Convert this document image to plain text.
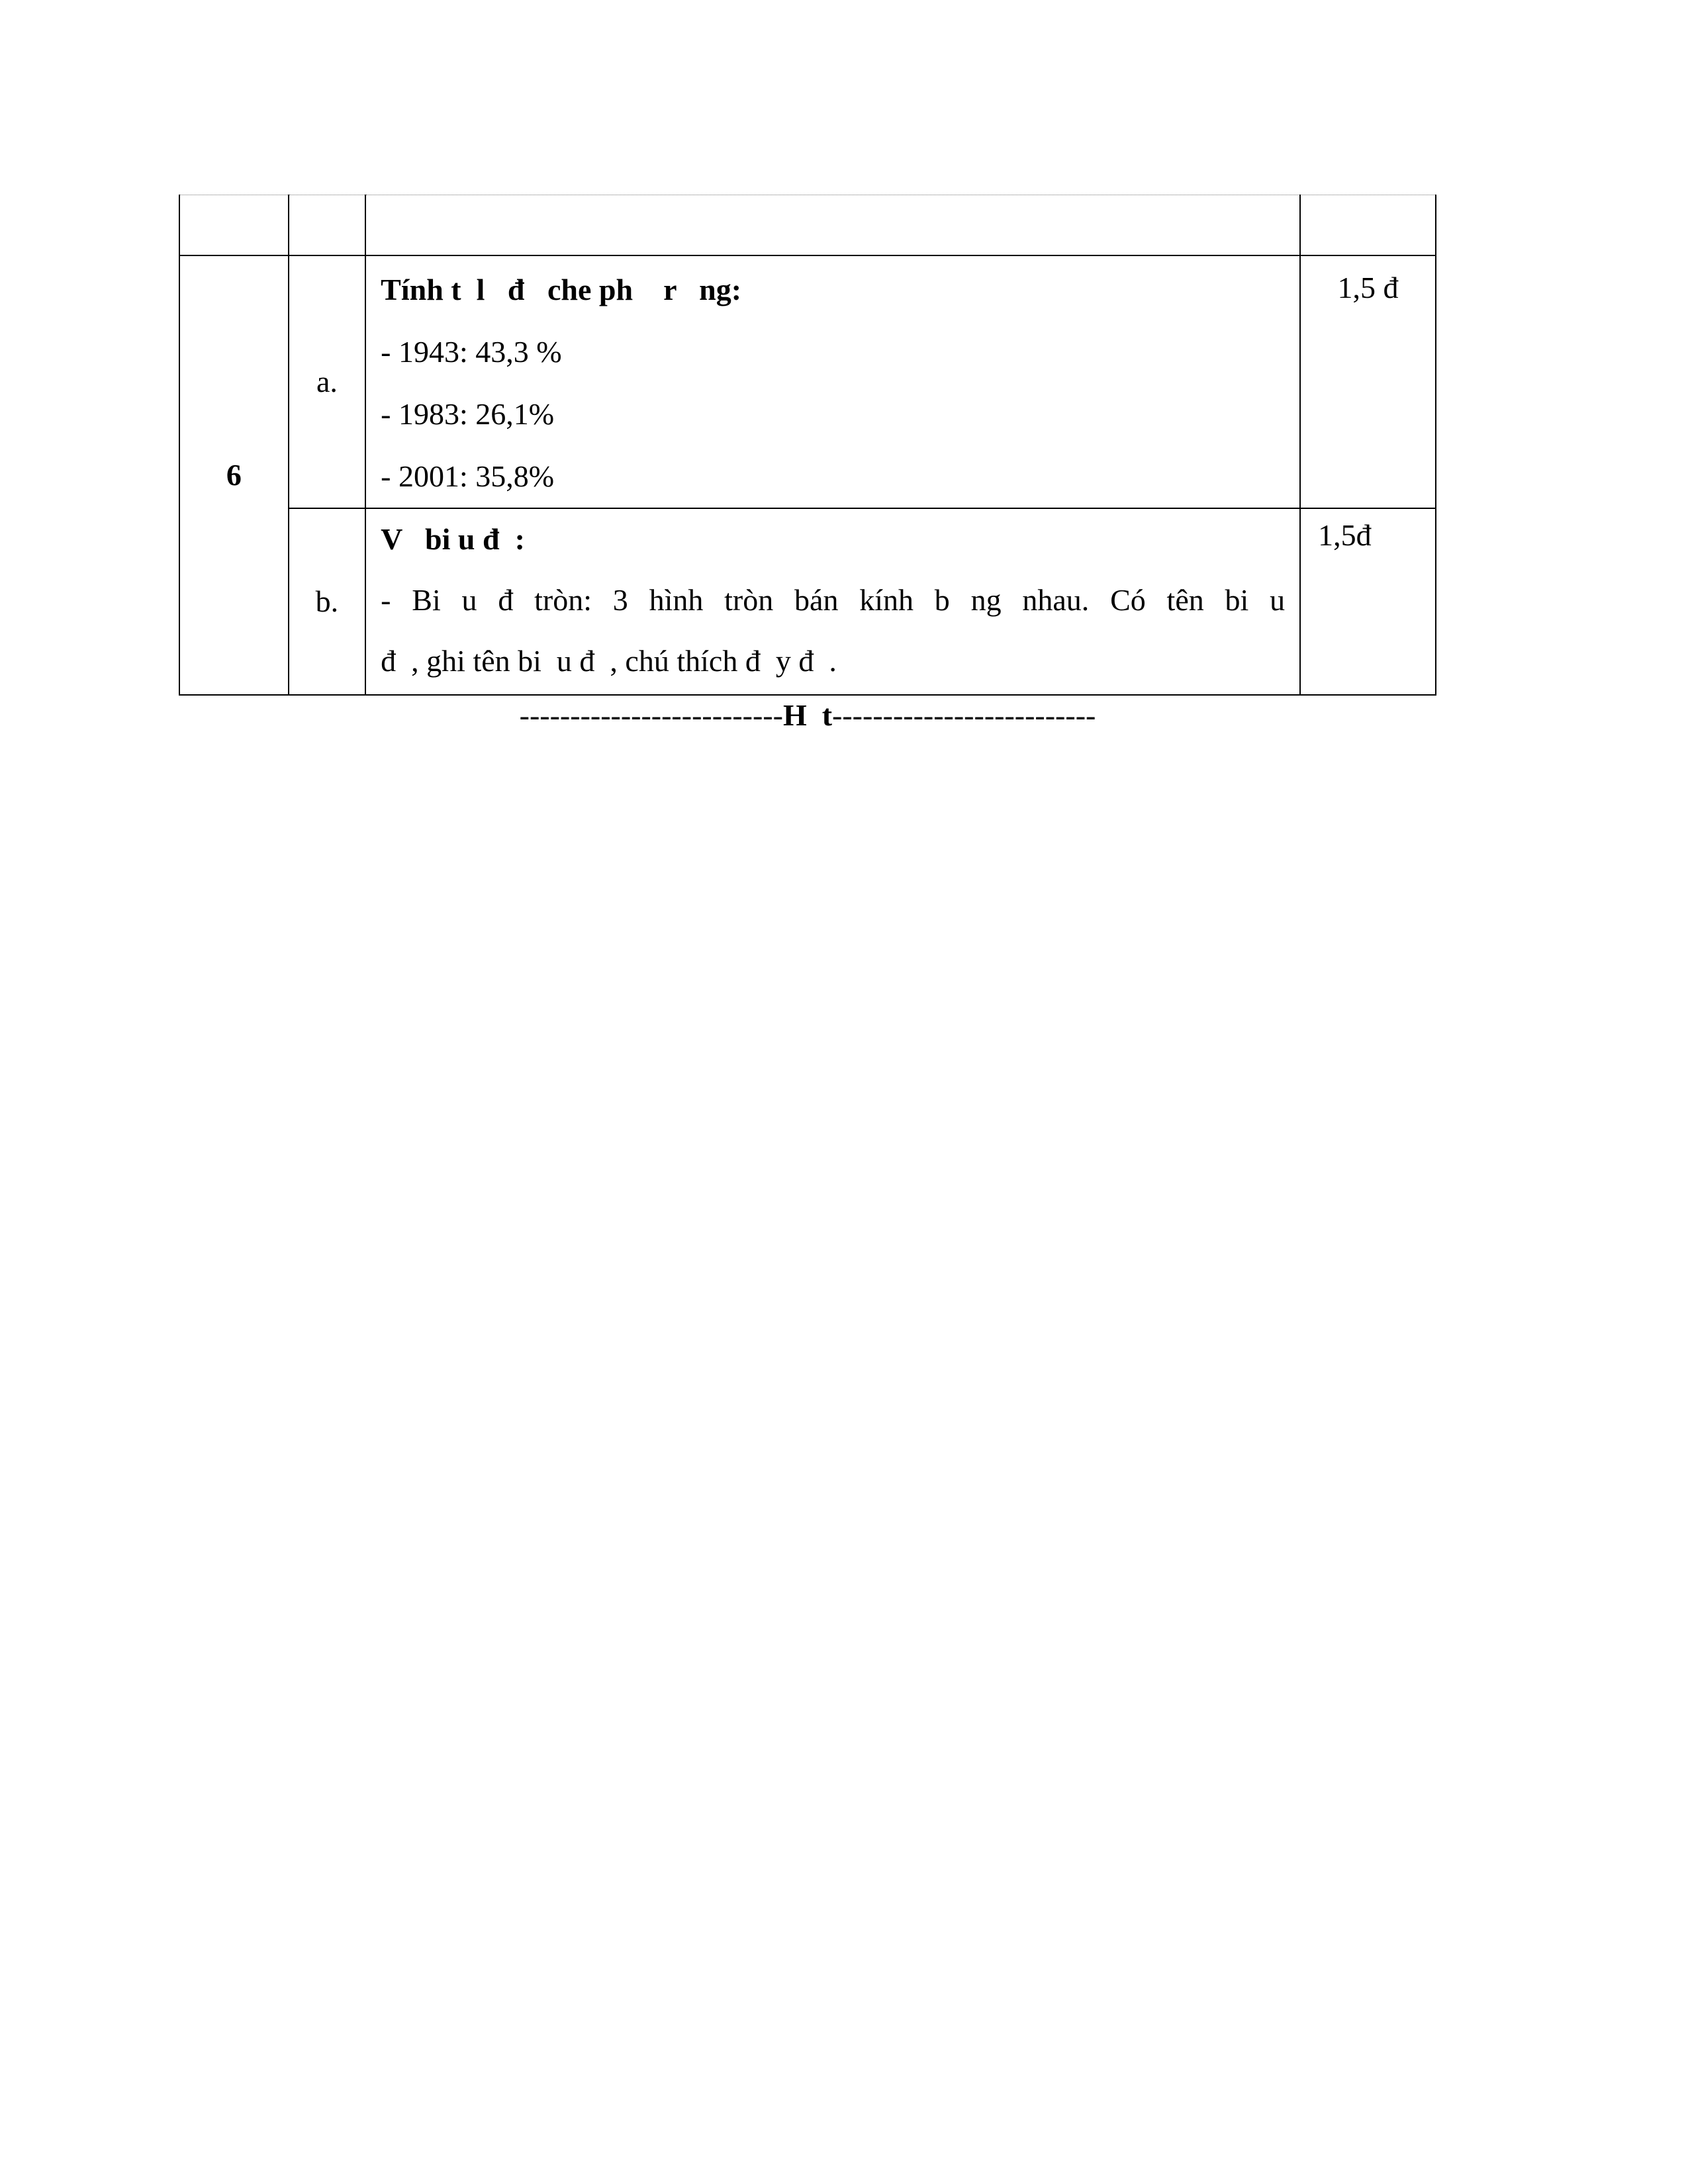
6	a.	Tính t  l   đ   che ph    r   ng:
- 1943: 43,3 %
- 1983: 26,1%
- 2001: 35,8%	1,5 đ

	b.	V   bi u đ  :
- Bi u đ tròn: 3 hình tròn bán kính b ng nhau. Có tên bi u
đ  , ghi tên bi  u đ  , chú thích đ  y đ  .	1,5đ
--------------------------H  t--------------------------
